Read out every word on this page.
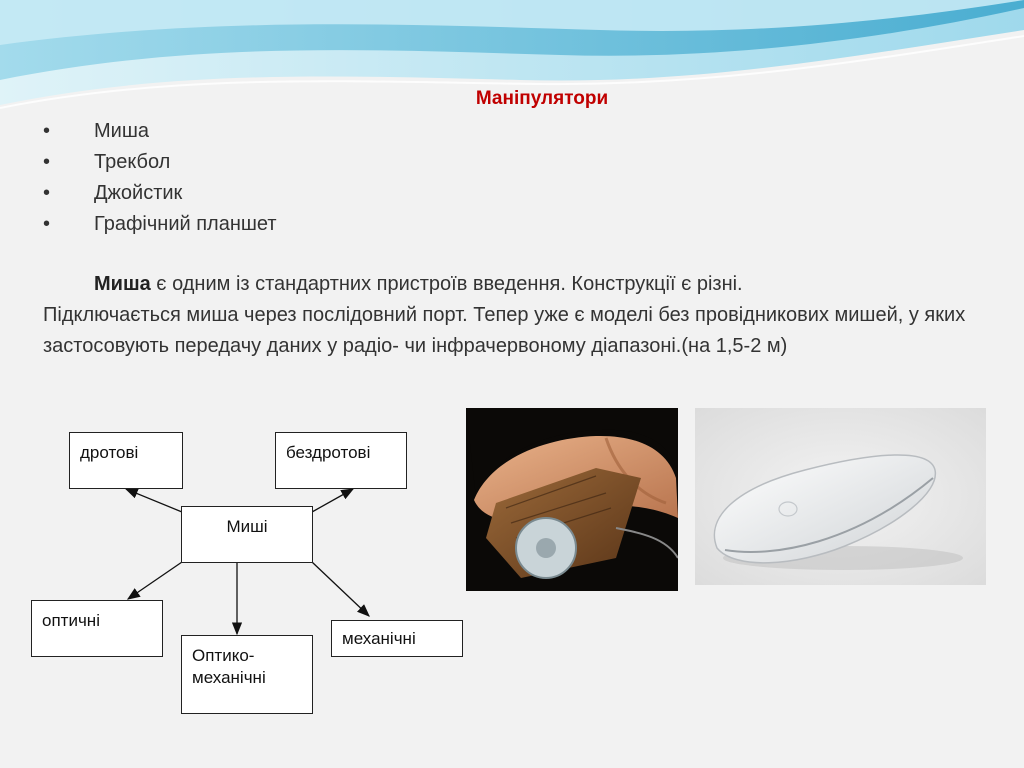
Маніпулятори
•	Миша
•	Трекбол
•	Джойстик
•	Графічний планшет
Миша є одним із стандартних пристроїв введення. Конструкції є різні.
Підключається миша через послідовний порт. Тепер уже є моделі без провідникових мишей, у яких застосовують передачу даних у радіо- чи інфрачервоному діапазоні.(на 1,5-2 м)
дротові	бездротові
Миші
оптичні
Оптико-механічні
механічні
